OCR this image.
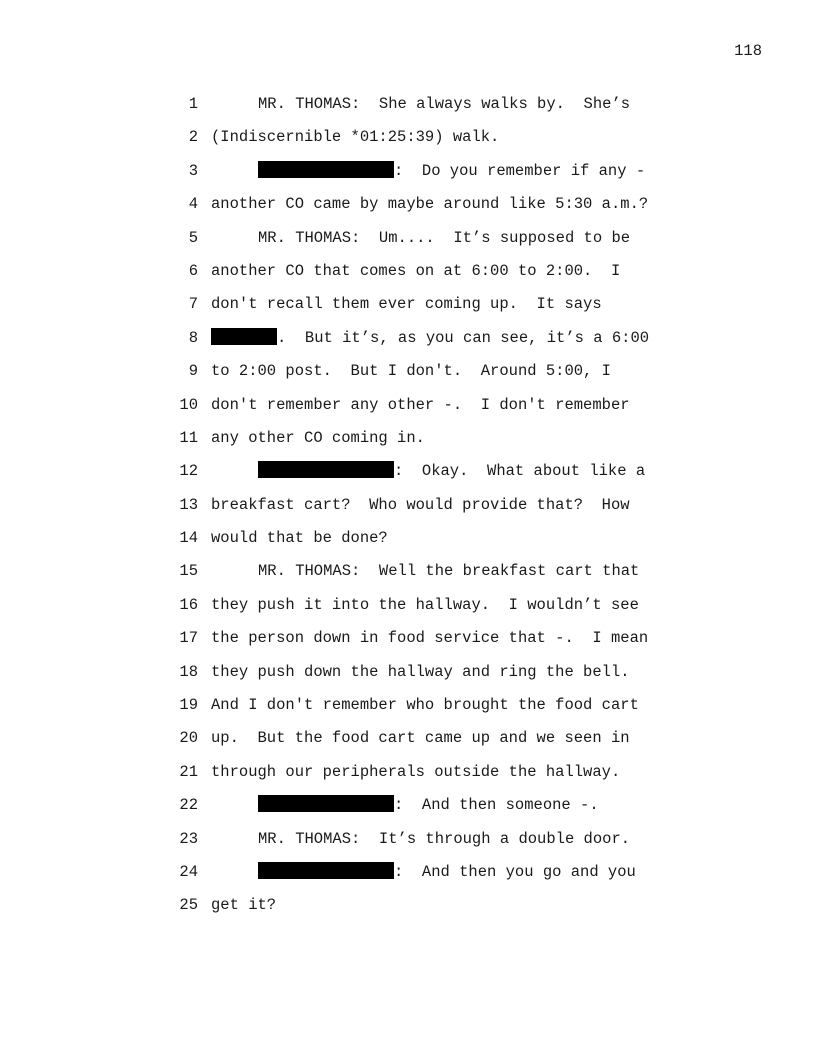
118
1	MR. THOMAS:  She always walks by.  She’s
2 (Indiscernible *01:25:39) walk.
3	:  Do you remember if any -
4 another CO came by maybe around like 5:30 a.m.?
5	MR. THOMAS:  Um....  It’s supposed to be
6 another CO that comes on at 6:00 to 2:00.  I
7 don't recall them ever coming up.  It says
8	.  But it’s, as you can see, it’s a 6:00
9 to 2:00 post.  But I don't.  Around 5:00, I
10 don't remember any other -.  I don't remember
11 any other CO coming in.
12	:  Okay.  What about like a
13 breakfast cart?  Who would provide that?  How
14 would that be done?
15	MR. THOMAS:  Well the breakfast cart that
16 they push it into the hallway.  I wouldn’t see
17 the person down in food service that -.  I mean
18 they push down the hallway and ring the bell.
19 And I don't remember who brought the food cart
20 up.  But the food cart came up and we seen in
21 through our peripherals outside the hallway.
22	:  And then someone -.
23	MR. THOMAS:  It’s through a double door.
24	:  And then you go and you
25 get it?
